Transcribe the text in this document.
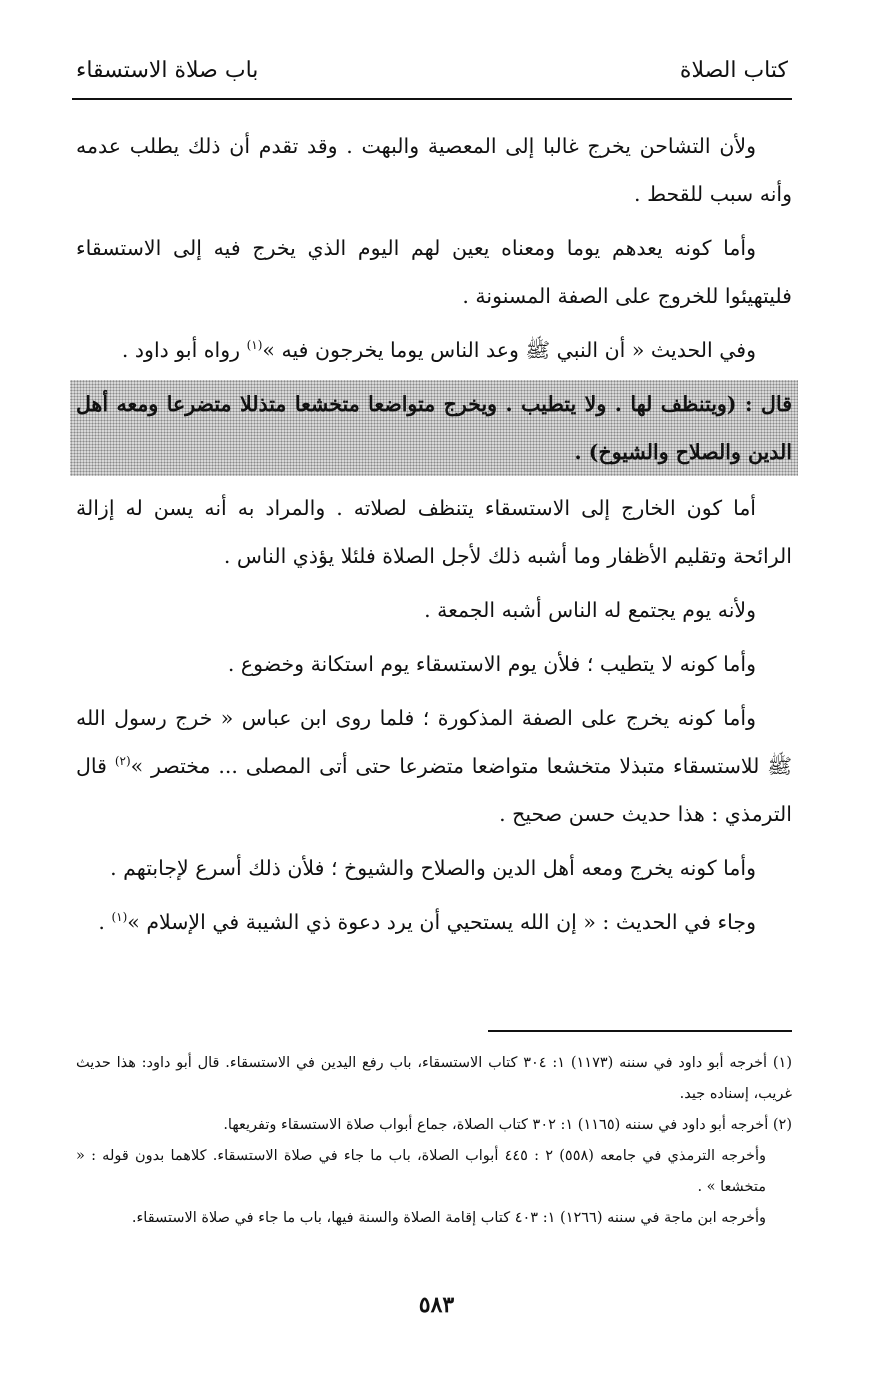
كتاب الصلاة
باب صلاة الاستسقاء

ولأن التشاحن يخرج غالبا إلى المعصية والبهت . وقد تقدم أن ذلك يطلب عدمه وأنه سبب للقحط .

وأما كونه يعدهم يوما ومعناه يعين لهم اليوم الذي يخرج فيه إلى الاستسقاء فليتهيئوا للخروج على الصفة المسنونة .

وفي الحديث « أن النبي ﷺ وعد الناس يوما يخرجون فيه »$^{(١)}$ رواه أبو داود .

قال : (ويتنظف لها . ولا يتطيب . ويخرج متواضعا متخشعا متذللا متضرعا ومعه أهل الدين والصلاح والشيوخ) .

أما كون الخارج إلى الاستسقاء يتنظف لصلاته . والمراد به أنه يسن له إزالة الرائحة وتقليم الأظفار وما أشبه ذلك لأجل الصلاة فلئلا يؤذي الناس .

ولأنه يوم يجتمع له الناس أشبه الجمعة .

وأما كونه لا يتطيب ؛ فلأن يوم الاستسقاء يوم استكانة وخضوع .

وأما كونه يخرج على الصفة المذكورة ؛ فلما روى ابن عباس « خرج رسول الله ﷺ للاستسقاء متبذلا متخشعا متواضعا متضرعا حتى أتى المصلى ... مختصر »$^{(٢)}$ قال الترمذي : هذا حديث حسن صحيح .

وأما كونه يخرج ومعه أهل الدين والصلاح والشيوخ ؛ فلأن ذلك أسرع لإجابتهم .

وجاء في الحديث : « إن الله يستحيي أن يرد دعوة ذي الشيبة في الإسلام »$^{(١)}$ .

(١) أخرجه أبو داود في سننه (١١٧٣) ١: ٣٠٤ كتاب الاستسقاء، باب رفع اليدين في الاستسقاء. قال أبو داود: هذا حديث غريب، إسناده جيد.

(٢) أخرجه أبو داود في سننه (١١٦٥) ١: ٣٠٢ كتاب الصلاة، جماع أبواب صلاة الاستسقاء وتفريعها.

وأخرجه الترمذي في جامعه (٥٥٨) ٢ : ٤٤٥ أبواب الصلاة، باب ما جاء في صلاة الاستسقاء. كلاهما بدون قوله : « متخشعا » .

وأخرجه ابن ماجة في سننه (١٢٦٦) ١: ٤٠٣ كتاب إقامة الصلاة والسنة فيها، باب ما جاء في صلاة الاستسقاء.

٥٨٣
